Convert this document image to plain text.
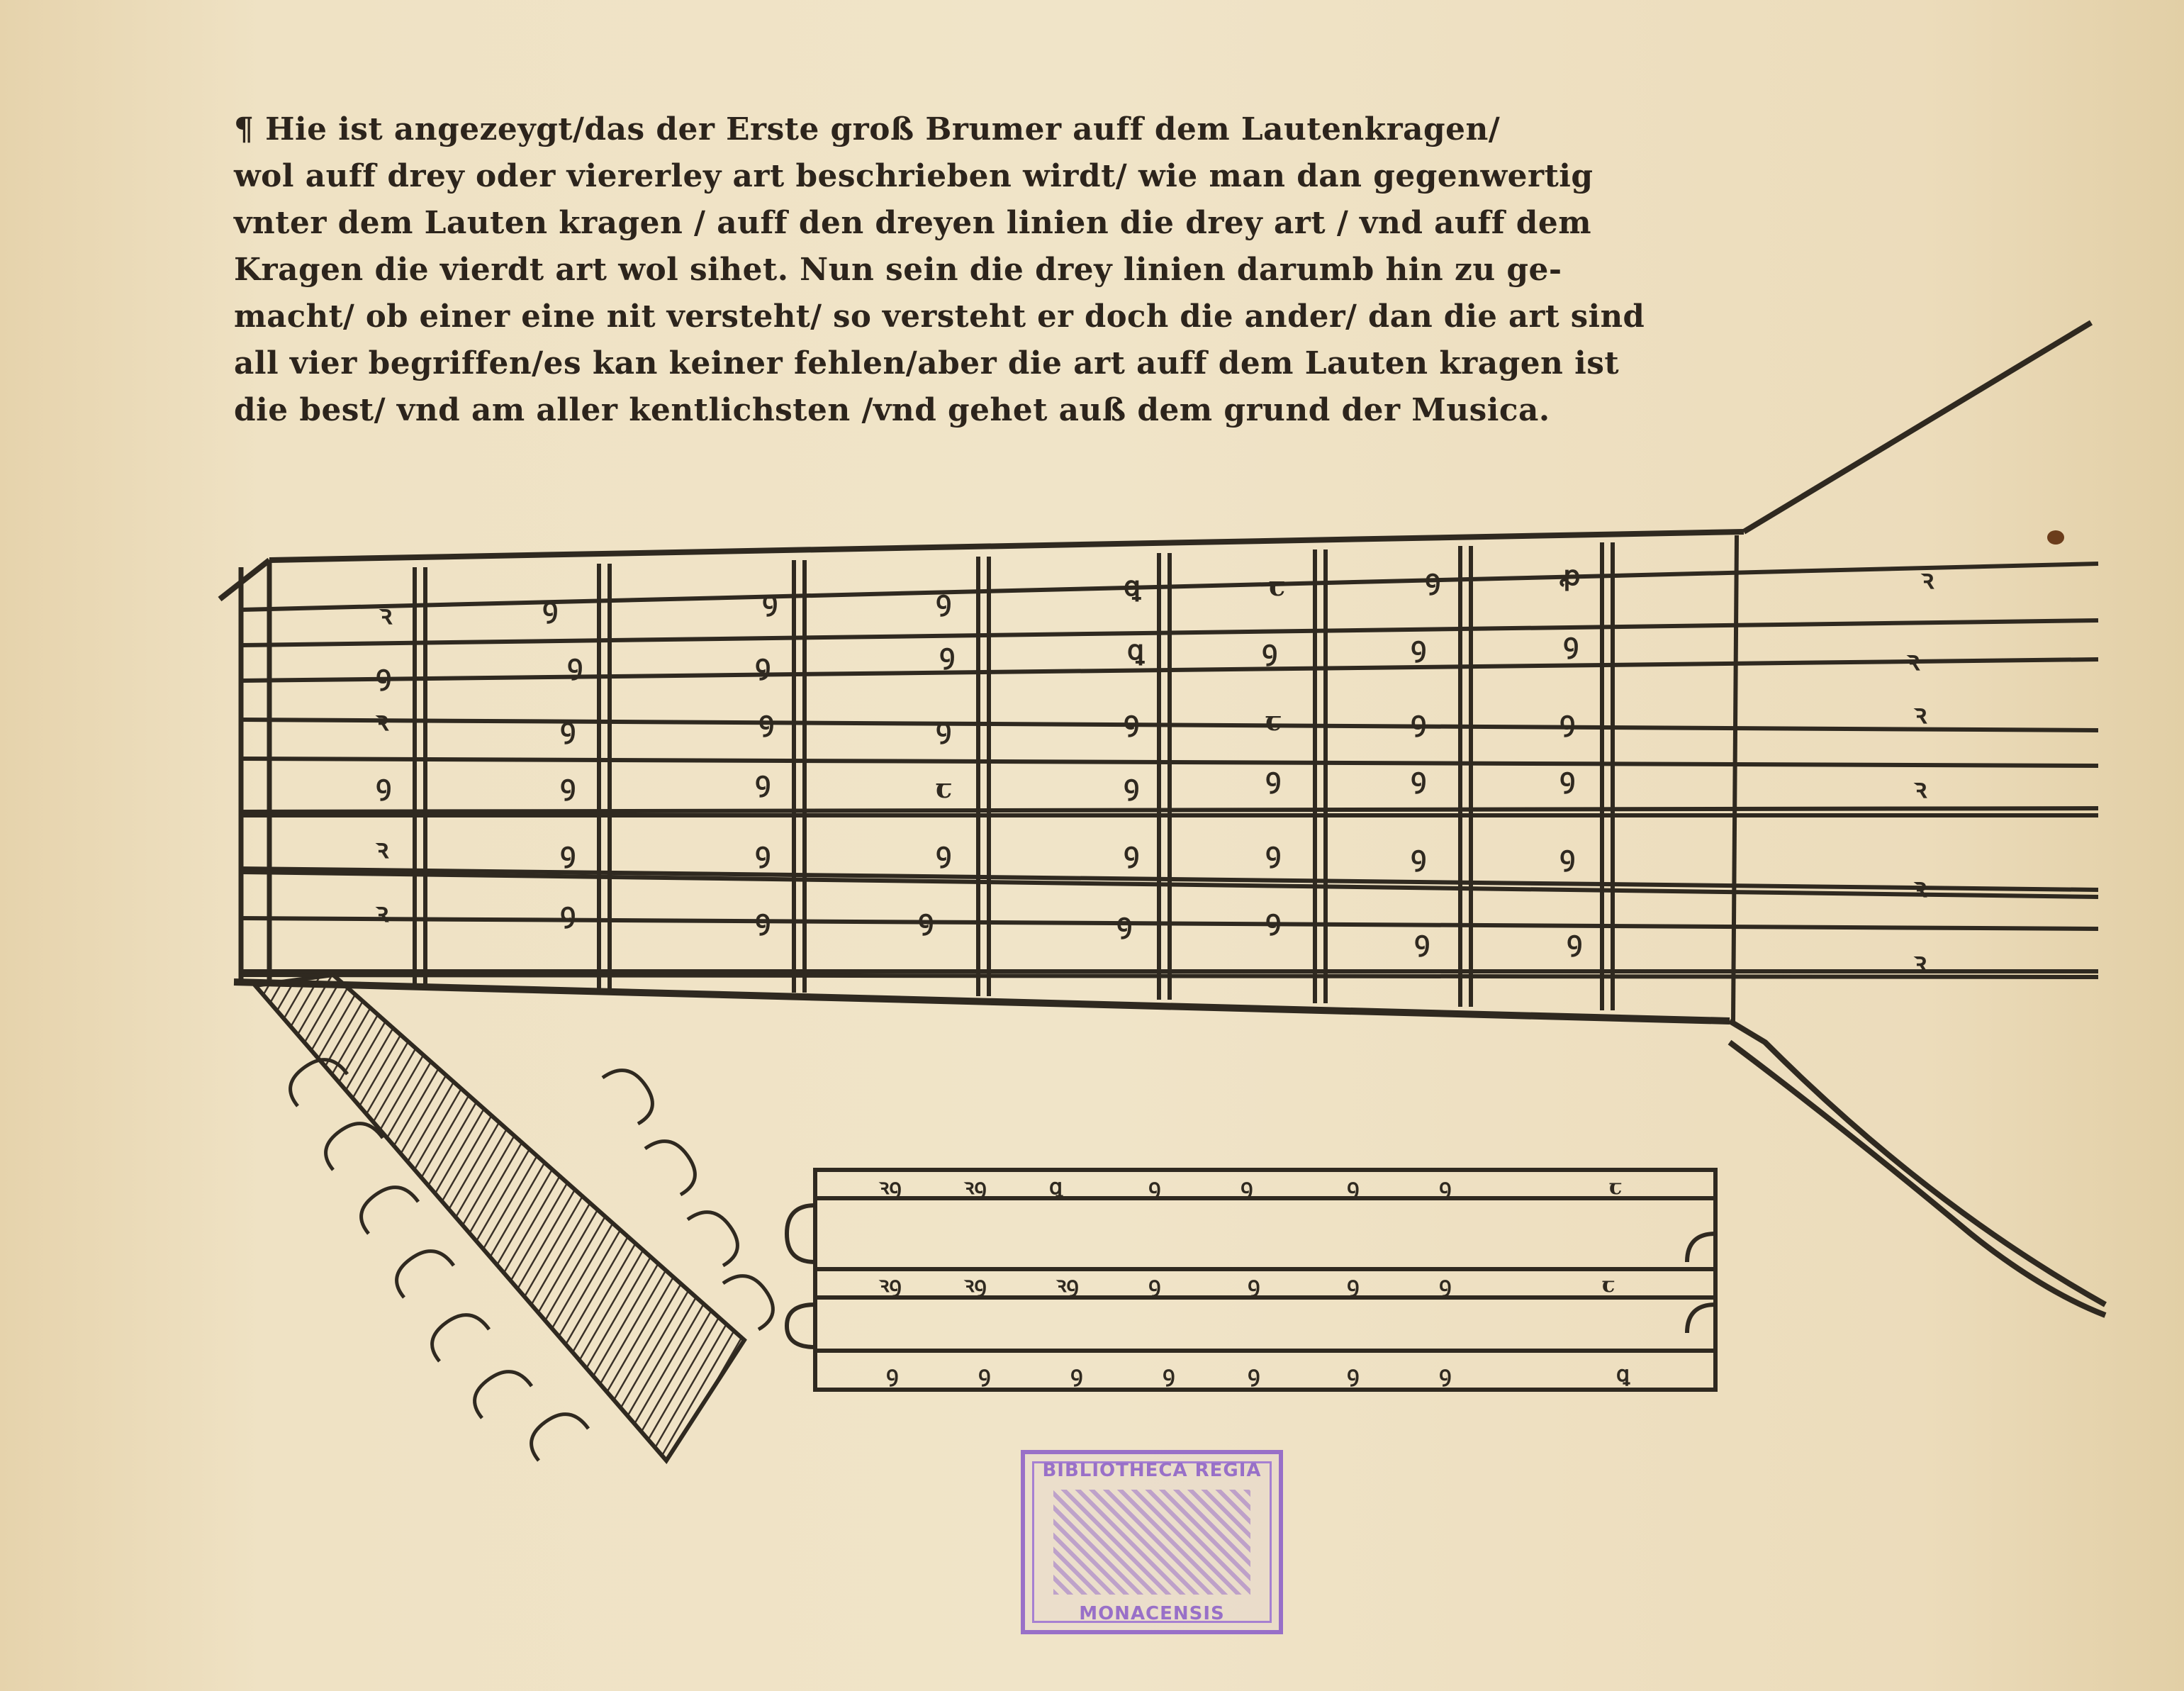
¶ Hie ist angezeygt/das der Erste groß Brumer auff dem Lautenkragen/
wol auff drey oder viererley art beschrieben wirdt/ wie man dan gegenwertig
vnter dem Lauten kragen / auff den dreyen linien die drey art / vnd auff dem
Kragen die vierdt art wol sihet. Nun sein die drey linien darumb hin zu ge-
macht/ ob einer eine nit versteht/ so versteht er doch die ander/ dan die art sind
all vier begriffen/es kan keiner fehlen/aber die art auff dem Lauten kragen ist
die best/ vnd am aller kentlichsten /vnd gehet auß dem grund der Musica.
ꝛ	ꝯ	ꝯ	ꝯ	ꝗ	ꞇ	ꝯ	ꝓ
ꝯ	ꝯ	ꝯ	ꝗ	ꝯ	ꝯ	ꝯ
ꝯ
ꝛ	ꝯ	ꝯ	ꝯ	ꝯ	ꞇ	ꝯ	ꝯ
ꝯ	ꝯ	ꝯ	ꞇ	ꝯ	ꝯ	ꝯ	ꝯ
ꝛ	ꝯ	ꝯ	ꝯ	ꝯ	ꝯ	ꝯ	ꝯ
ꝛ	ꝯ	ꝯ	ꝯ	ꝯ	ꝯ
ꝯ	ꝯ
ꝛ
ꝛ
ꝛ
ꝛ
ꝛ
ꝛ
ꝛꝯ	ꝛꝯ	ꝗ	ꝯ	ꝯ	ꝯ	ꝯ	ꞇ
ꝛꝯ	ꝛꝯ	ꝛꝯ	ꝯ	ꝯ	ꝯ	ꝯ	ꞇ
ꝯ	ꝯ	ꝯ	ꝯ	ꝯ	ꝯ	ꝯ	ꝗ
BIBLIOTHECA REGIA
MONACENSIS
